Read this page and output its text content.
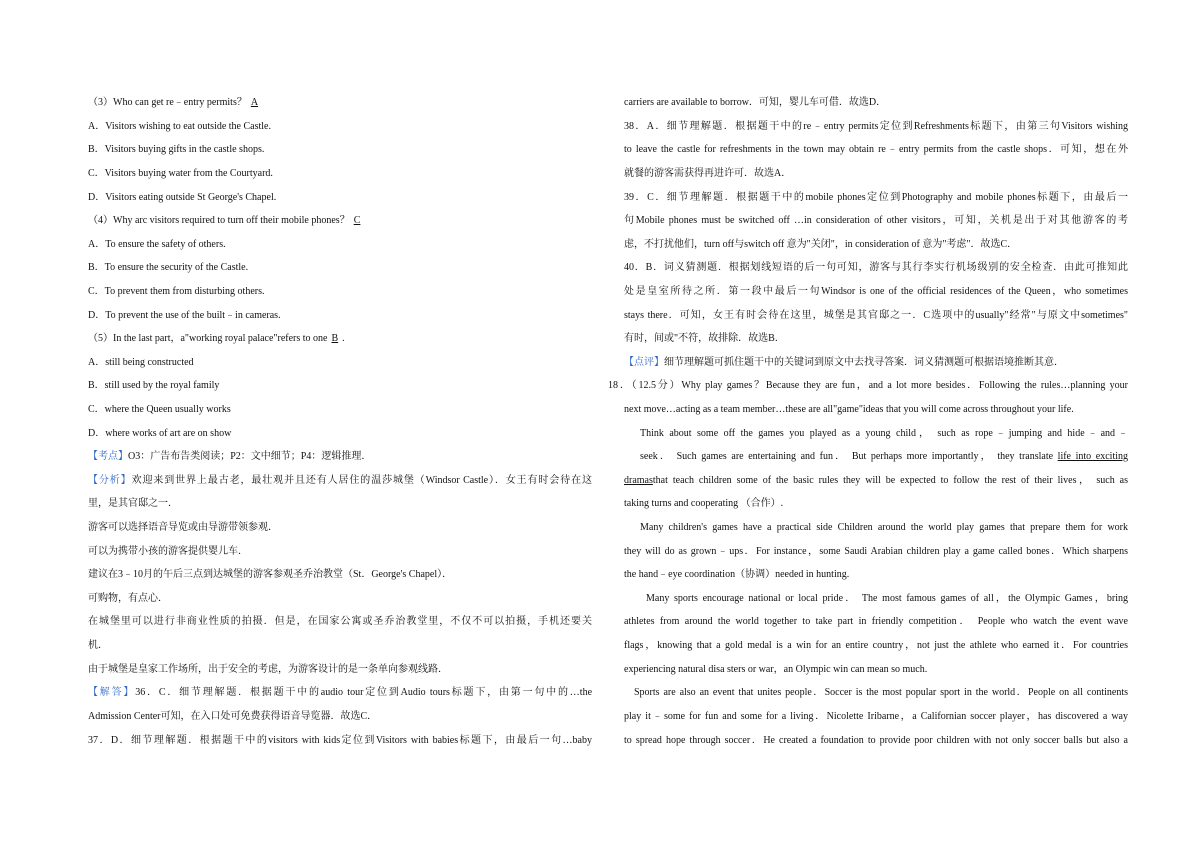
（3）Who can get re﹣entry permits？ A
A．Visitors wishing to eat outside the Castle.
B．Visitors buying gifts in the castle shops.
C．Visitors buying water from the Courtyard.
D．Visitors eating outside St George's Chapel.
（4）Why arc visitors required to turn off their mobile phones？ C
A．To ensure the safety of others.
B．To ensure the security of the Castle.
C．To prevent them from disturbing others.
D．To prevent the use of the built﹣in cameras.
（5）In the last part，a"working royal palace"refers to one B .
A．still being constructed
B．still used by the royal family
C．where the Queen usually works
D．where works of art are on show
【考点】O3：广告布告类阅读；P2：文中细节；P4：逻辑推理．
【分析】欢迎来到世界上最古老，最壮观并且还有人居住的温莎城堡（Windsor Castle）．女王有时会待在这
里，是其官邸之一．
游客可以选择语音导览或由导游带领参观．
可以为携带小孩的游客提供婴儿车．
建议在3﹣10月的午后三点到达城堡的游客参观圣乔治教堂（St．George's Chapel）．
可购物，有点心．
在城堡里可以进行非商业性质的拍摄．但是，在国家公寓或圣乔治教堂里，不仅不可以拍摄，手机还要关
机．
由于城堡是皇家工作场所，出于安全的考虑，为游客设计的是一条单向参观线路．
【解答】36．C．细节理解题．根据题干中的audio tour定位到Audio tours标题下，由第一句中的…the
Admission Center可知，在入口处可免费获得语音导览器．故选C．
37．D．细节理解题．根据题干中的visitors with kids定位到Visitors with babies标题下，由最后一句…baby
carriers are available to borrow．可知，婴儿车可借．故选D．
38．A．细节理解题．根据题干中的re﹣entry permits定位到Refreshments标题下，由第三句Visitors wishing
to leave the castle for refreshments in the town may obtain re﹣entry permits from the castle shops．可知，想在外
就餐的游客需获得再进许可．故选A．
39．C．细节理解题．根据题干中的mobile phones定位到Photography and mobile phones标题下，由最后一
句Mobile phones must be switched off …in consideration of other visitors，可知，关机是出于对其他游客的考
虑，不打扰他们，turn off与switch off 意为"关闭"，in consideration of 意为"考虑"．故选C．
40．B．词义猜测题．根据划线短语的后一句可知，游客与其行李实行机场级别的安全检查．由此可推知此
处是皇室所待之所．第一段中最后一句Windsor is one of the official residences of the Queen，who sometimes
stays there．可知，女王有时会待在这里，城堡是其官邸之一．C选项中的usually"经常"与原文中sometimes"
有时，间或"不符，故排除．故选B．
【点评】细节理解题可抓住题干中的关键词到原文中去找寻答案．词义猜测题可根据语境推断其意．
18．（12.5分）Why play games？Because they are fun，and a lot more besides．Following the rules…planning your
next move…acting as a team member…these are all"game"ideas that you will come across throughout your life.
Think about some off the games you played as a young child， such as rope﹣jumping and hide﹣and﹣
seek． Such games are entertaining and fun． But perhaps more importantly， they translate life into exciting
dramasthat teach children some of the basic rules they will be expected to follow the rest of their lives， such as
taking turns and cooperating （合作）.
Many children's games have a practical side Children around the world play games that prepare them for work
they will do as grown﹣ups．For instance，some Saudi Arabian children play a game called bones．Which sharpens
the hand﹣eye coordination（协调）needed in hunting.
Many sports encourage national or local pride． The most famous games of all，the Olympic Games，bring
athletes from around the world together to take part in friendly competition． People who watch the event wave
flags，knowing that a gold medal is a win for an entire country，not just the athlete who earned it．For countries
experiencing natural disa sters or war，an Olympic win can mean so much.
Sports are also an event that unites people．Soccer is the most popular sport in the world．People on all continents
play it﹣some for fun and some for a living．Nicolette Iribarne，a Californian soccer player，has discovered a way
to spread hope through soccer．He created a foundation to provide poor children with not only soccer balls but also a
